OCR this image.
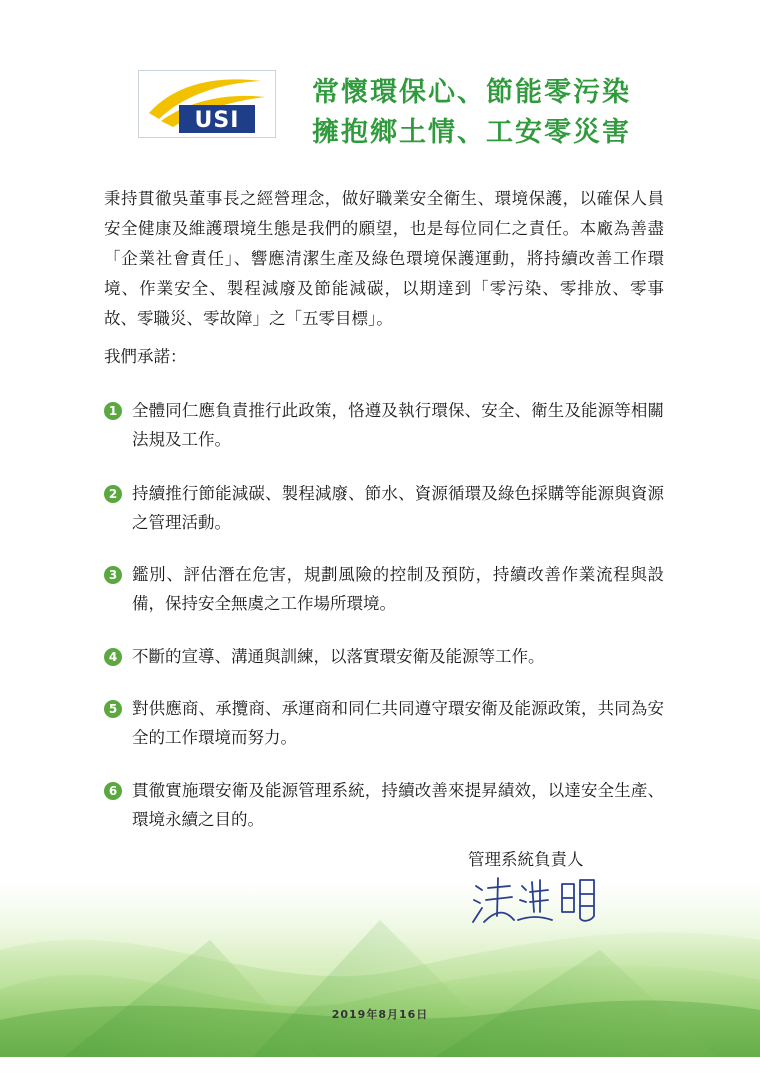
USI
常懷環保心、節能零污染
擁抱鄉土情、工安零災害
秉持貫徹吳董事長之經營理念，做好職業安全衛生、環境保護，以確保人員安全健康及維護環境生態是我們的願望，也是每位同仁之責任。本廠為善盡「企業社會責任」、響應清潔生產及綠色環境保護運動，將持續改善工作環境、作業安全、製程減廢及節能減碳，以期達到「零污染、零排放、零事故、零職災、零故障」之「五零目標」。
我們承諾：
1 全體同仁應負責推行此政策，恪遵及執行環保、安全、衛生及能源等相關法規及工作。
2 持續推行節能減碳、製程減廢、節水、資源循環及綠色採購等能源與資源之管理活動。
3 鑑別、評估潛在危害，規劃風險的控制及預防，持續改善作業流程與設備，保持安全無虞之工作場所環境。
4 不斷的宣導、溝通與訓練，以落實環安衛及能源等工作。
5 對供應商、承攬商、承運商和同仁共同遵守環安衛及能源政策，共同為安全的工作環境而努力。
6 貫徹實施環安衛及能源管理系統，持續改善來提昇績效，以達安全生產、環境永續之目的。
管理系統負責人
2019年8月16日
